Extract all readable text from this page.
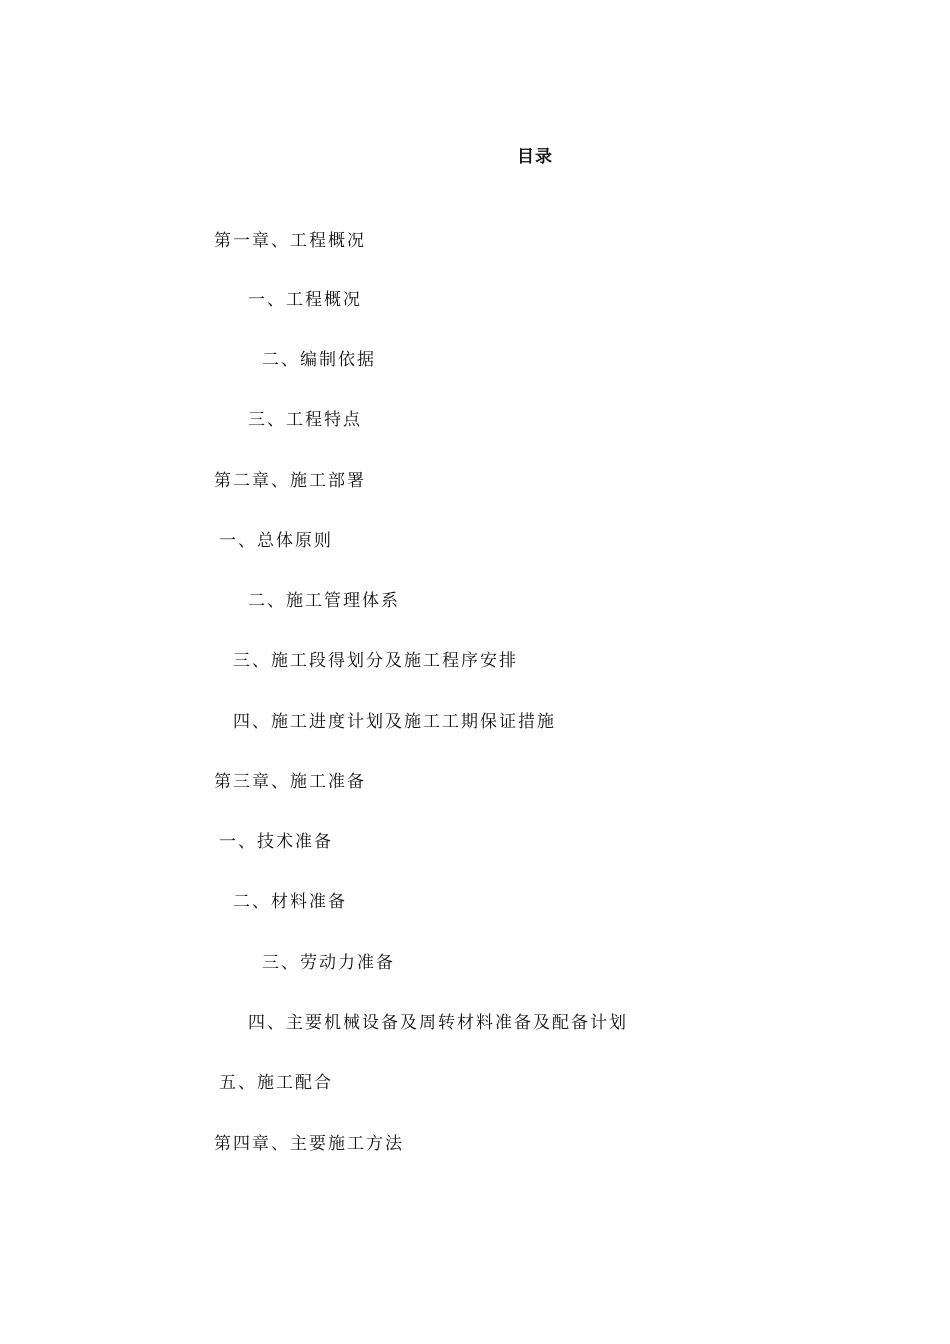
目录
第一章、工程概况
一、工程概况
二、编制依据
三、工程特点
第二章、施工部署
一、总体原则
二、施工管理体系
三、施工段得划分及施工程序安排
四、施工进度计划及施工工期保证措施
第三章、施工准备
一、技术准备
二、材料准备
三、劳动力准备
四、主要机械设备及周转材料准备及配备计划
五、施工配合
第四章、主要施工方法
